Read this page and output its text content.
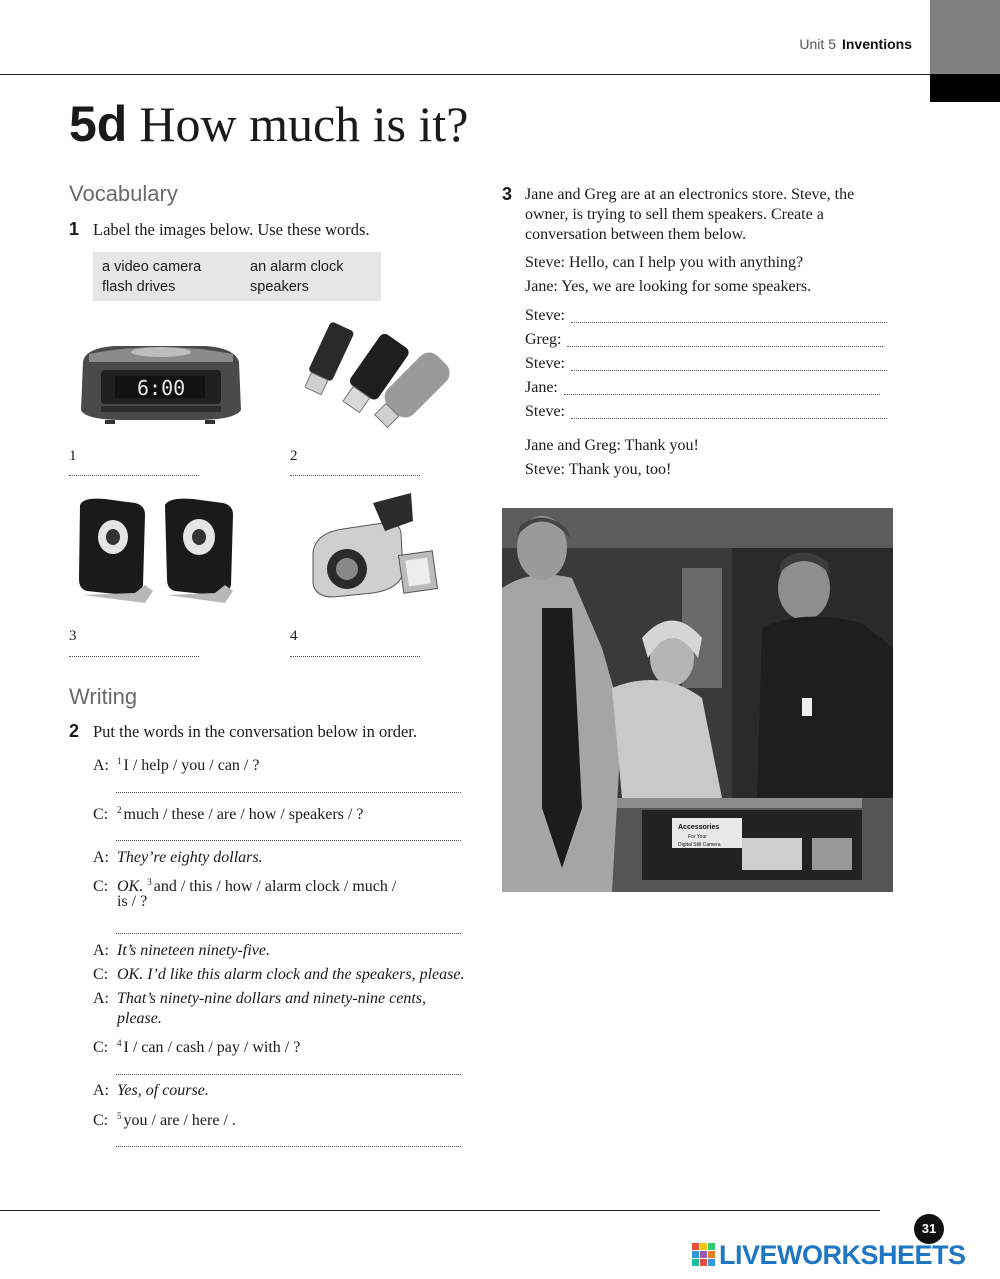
Unit 5 Inventions
5d How much is it?
Vocabulary
1 Label the images below. Use these words.
a video camera	an alarm clock
flash drives	speakers
6:00
1	2
3	4
Writing
2 Put the words in the conversation below in order.
A: $^1$ I / help / you / can / ?
C: $^2$ much / these / are / how / speakers / ?
A: They’re eighty dollars.
C: OK. $^3$ and / this / how / alarm clock / much /
is / ?
A: It’s nineteen ninety-five.
C: OK. I’d like this alarm clock and the speakers, please.
A: That’s ninety-nine dollars and ninety-nine cents,
please.
C: $^4$ I / can / cash / pay / with / ?
A: Yes, of course.
C: $^5$ you / are / here / .
3 Jane and Greg are at an electronics store. Steve, the owner, is trying to sell them speakers. Create a conversation between them below.
Steve: Hello, can I help you with anything?
Jane: Yes, we are looking for some speakers.
Steve:
Greg:
Steve:
Jane:
Steve:
Jane and Greg: Thank you!
Steve: Thank you, too!
Accessories
For Your
Digital Still Camera
31
LIVEWORKSHEETS
